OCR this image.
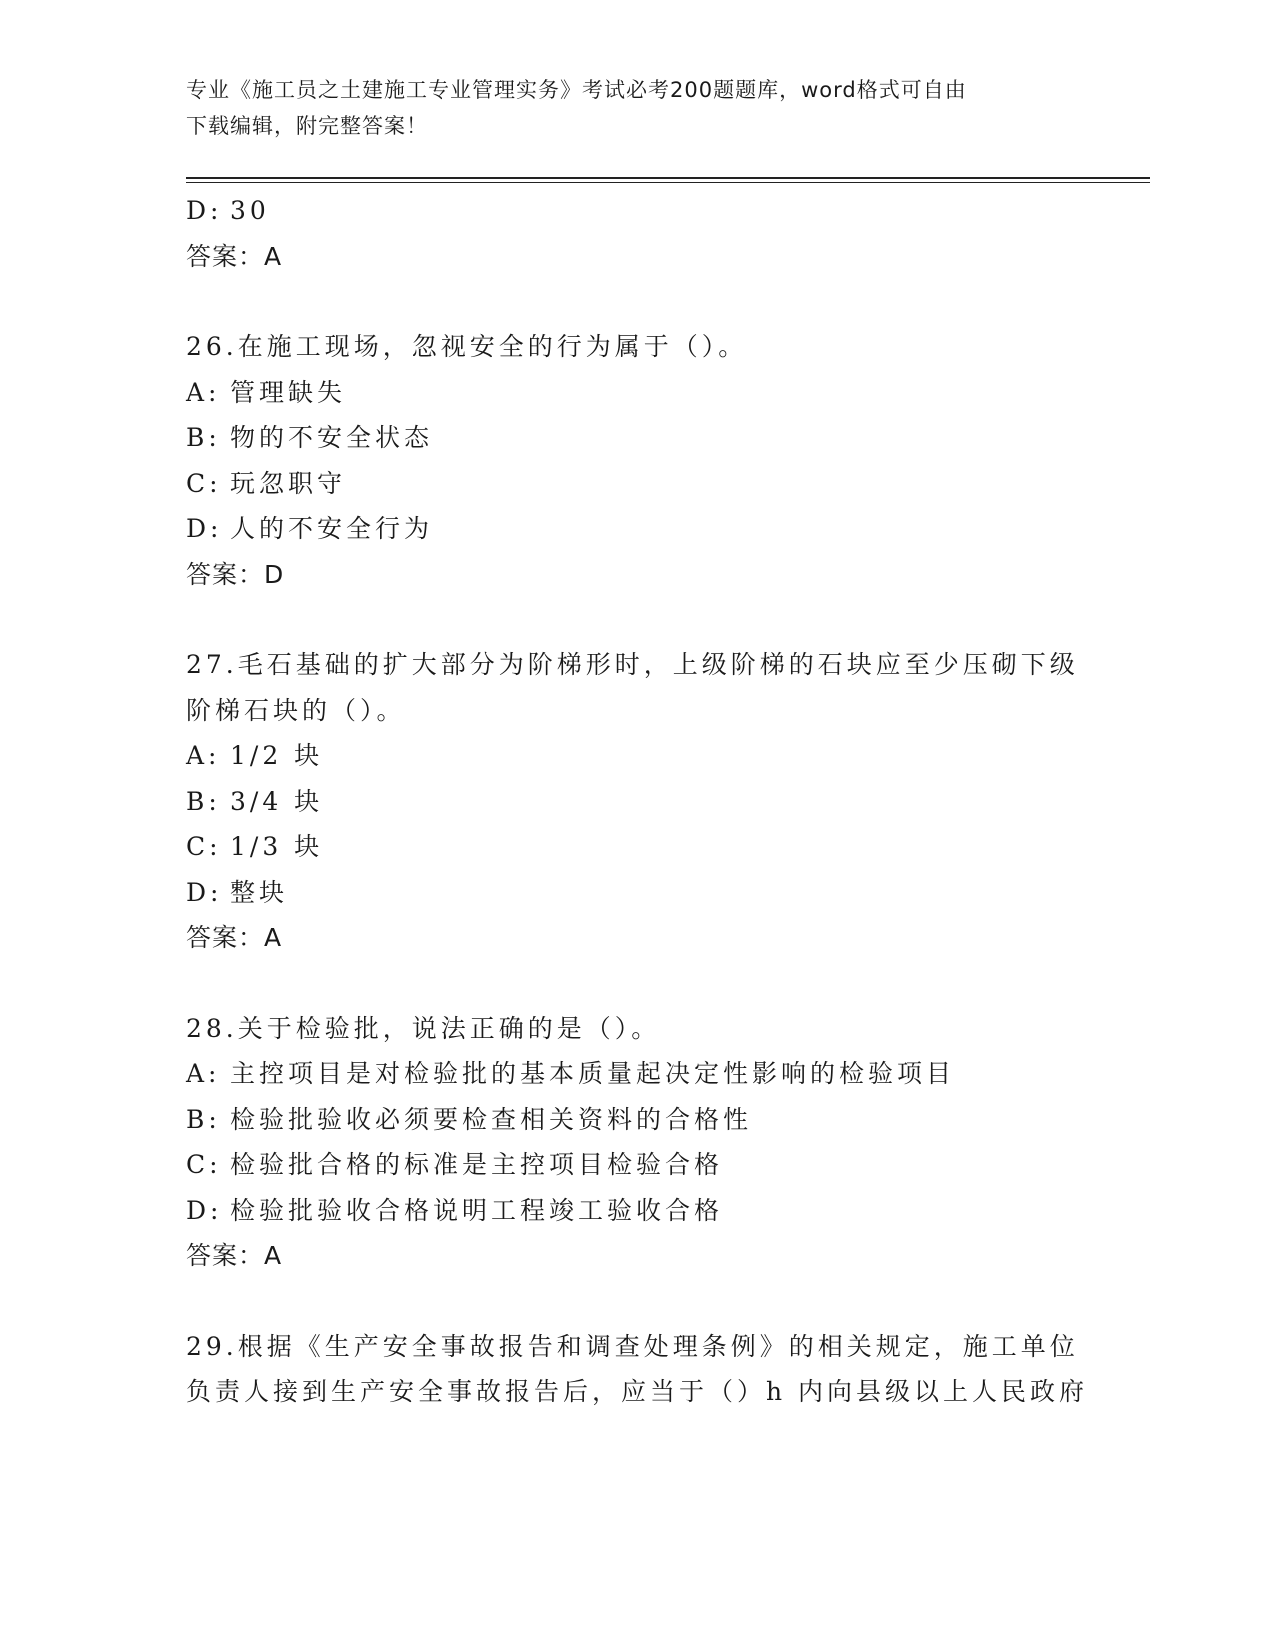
专业《施工员之土建施工专业管理实务》考试必考200题题库，word格式可自由
下载编辑，附完整答案！
D: 30
答案：A
26.在施工现场，忽视安全的行为属于（）。
A: 管理缺失
B: 物的不安全状态
C: 玩忽职守
D: 人的不安全行为
答案：D
27.毛石基础的扩大部分为阶梯形时，上级阶梯的石块应至少压砌下级
阶梯石块的（）。
A: 1/2 块
B: 3/4 块
C: 1/3 块
D: 整块
答案：A
28.关于检验批，说法正确的是（）。
A: 主控项目是对检验批的基本质量起决定性影响的检验项目
B: 检验批验收必须要检查相关资料的合格性
C: 检验批合格的标准是主控项目检验合格
D: 检验批验收合格说明工程竣工验收合格
答案：A
29.根据《生产安全事故报告和调查处理条例》的相关规定，施工单位
负责人接到生产安全事故报告后，应当于（）h 内向县级以上人民政府
